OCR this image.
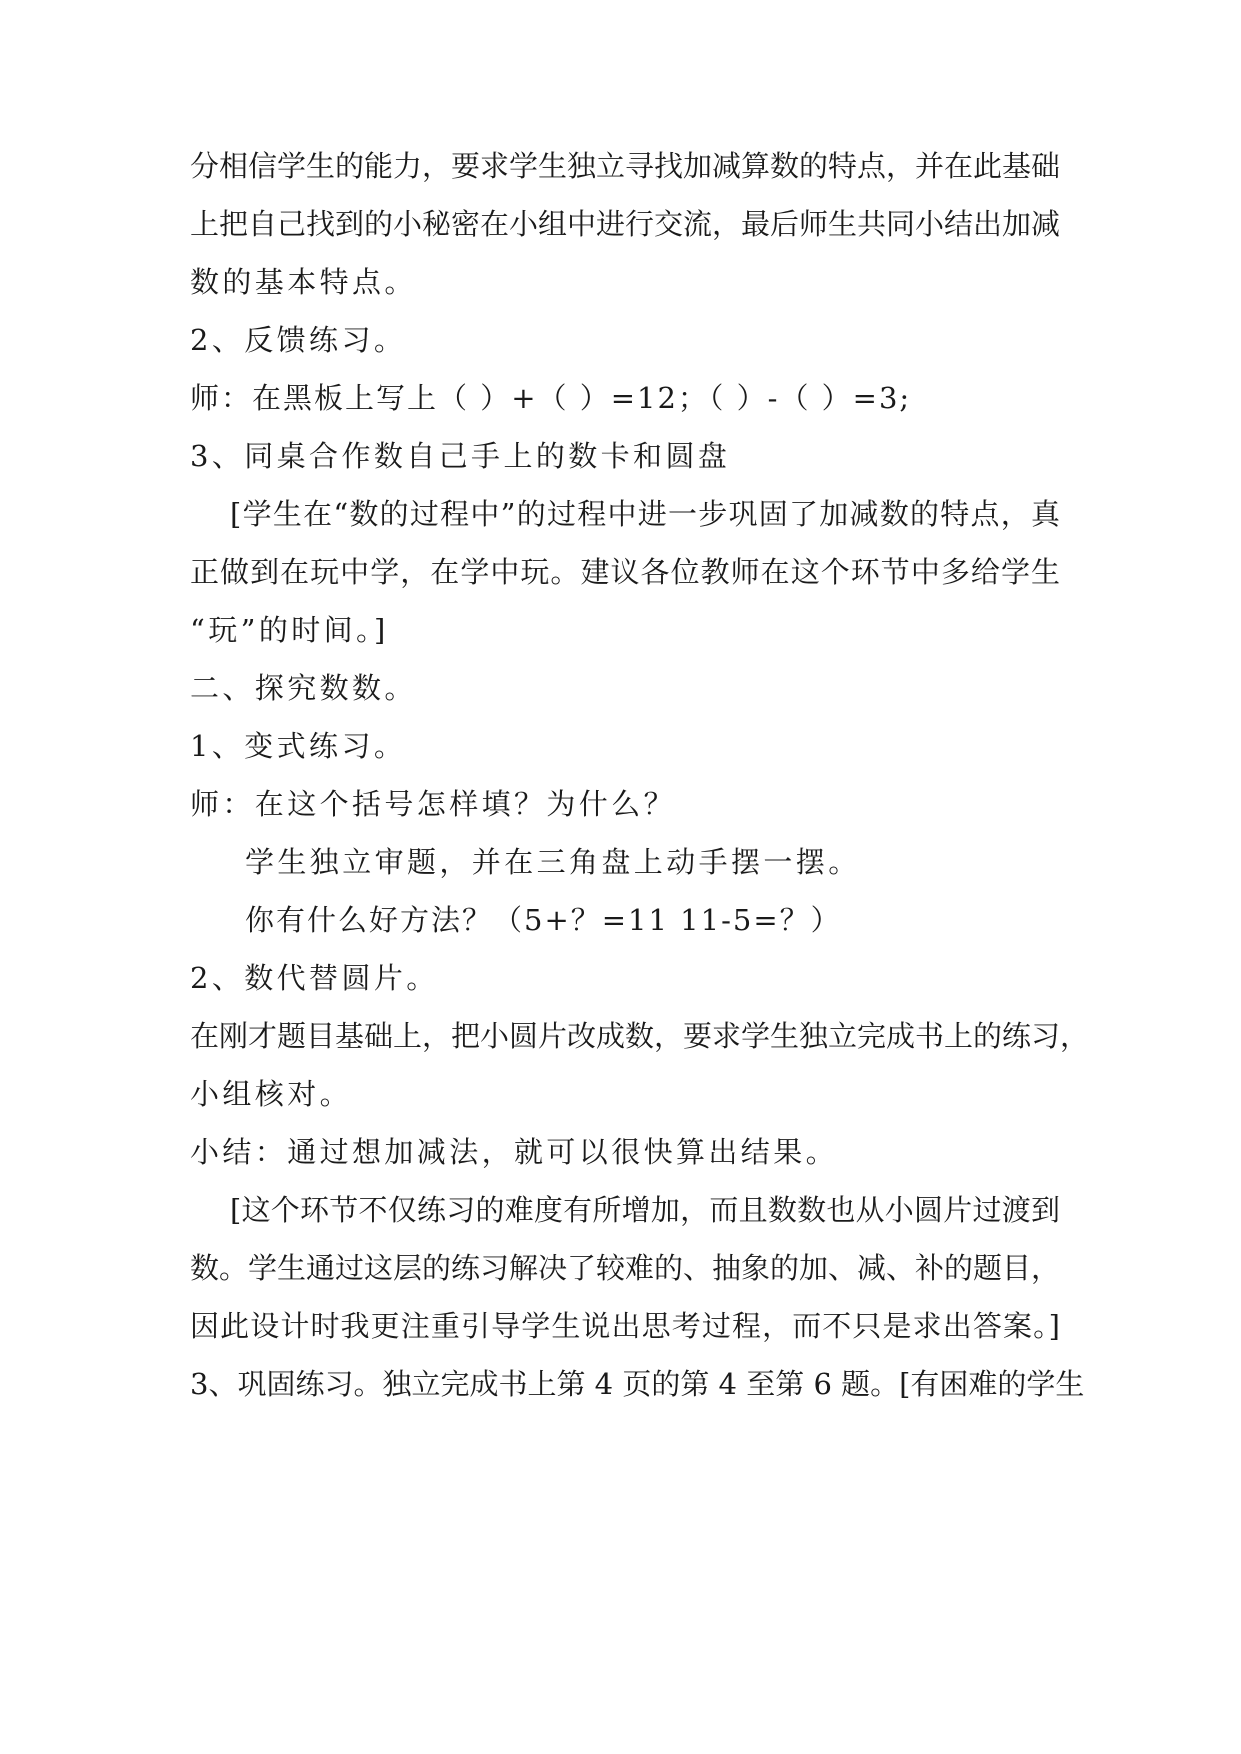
分相信学生的能力，要求学生独立寻找加减算数的特点，并在此基础
上把自己找到的小秘密在小组中进行交流，最后师生共同小结出加减
数的基本特点。
2、反馈练习。
师：在黑板上写上（ ）+（ ）=12；（ ）-（ ）=3;
3、同桌合作数自己手上的数卡和圆盘
[学生在“数的过程中”的过程中进一步巩固了加减数的特点，真
正做到在玩中学，在学中玩。建议各位教师在这个环节中多给学生
“玩”的时间。]
二、探究数数。
1、变式练习。
师：在这个括号怎样填？为什么？
学生独立审题，并在三角盘上动手摆一摆。
你有什么好方法？（5+？=11 11-5=？）
2、数代替圆片。
在刚才题目基础上，把小圆片改成数，要求学生独立完成书上的练习，
小组核对。
小结：通过想加减法，就可以很快算出结果。
[这个环节不仅练习的难度有所增加，而且数数也从小圆片过渡到
数。学生通过这层的练习解决了较难的、抽象的加、减、补的题目，
因此设计时我更注重引导学生说出思考过程，而不只是求出答案。]
3、巩固练习。独立完成书上第 4 页的第 4 至第 6 题。[有困难的学生
